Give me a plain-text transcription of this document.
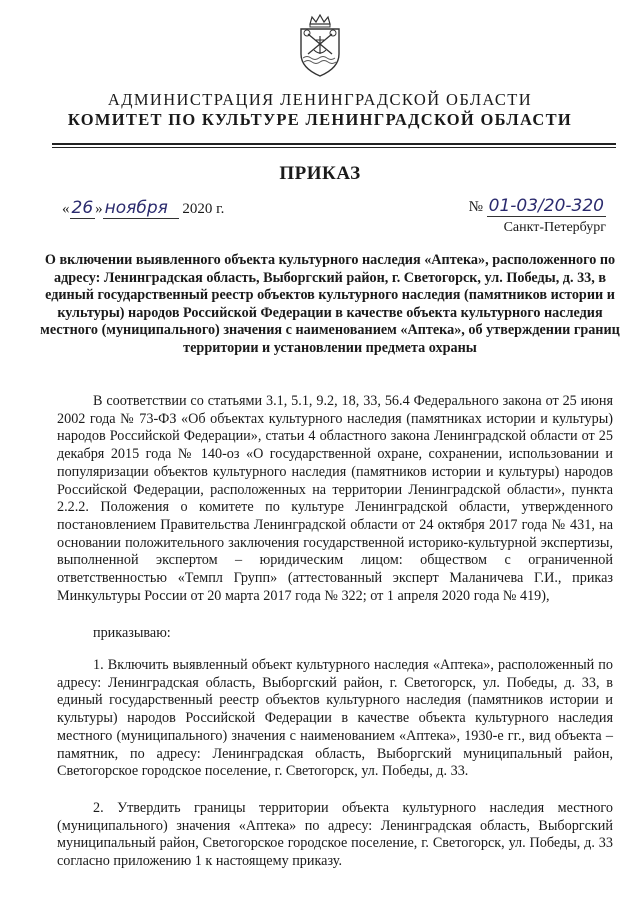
АДМИНИСТРАЦИЯ ЛЕНИНГРАДСКОЙ ОБЛАСТИ
КОМИТЕТ ПО КУЛЬТУРЕ ЛЕНИНГРАДСКОЙ ОБЛАСТИ
ПРИКАЗ
« 26 » ноября 2020 г.	№ 01-03/20-320
Санкт-Петербург
О включении выявленного объекта культурного наследия «Аптека», расположенного по адресу: Ленинградская область, Выборгский район, г. Светогорск, ул. Победы, д. 33, в единый государственный реестр объектов культурного наследия (памятников истории и культуры) народов Российской Федерации в качестве объекта культурного наследия местного (муниципального) значения с наименованием «Аптека», об утверждении границ территории и установлении предмета охраны
В соответствии со статьями 3.1, 5.1, 9.2, 18, 33, 56.4 Федерального закона от 25 июня 2002 года № 73-ФЗ «Об объектах культурного наследия (памятниках истории и культуры) народов Российской Федерации», статьи 4 областного закона Ленинградской области от 25 декабря 2015 года № 140-оз «О государственной охране, сохранении, использовании и популяризации объектов культурного наследия (памятников истории и культуры) народов Российской Федерации, расположенных на территории Ленинградской области», пункта 2.2.2. Положения о комитете по культуре Ленинградской области, утвержденного постановлением Правительства Ленинградской области от 24 октября 2017 года № 431, на основании положительного заключения государственной историко-культурной экспертизы, выполненной экспертом – юридическим лицом: обществом с ограниченной ответственностью «Темпл Групп» (аттестованный эксперт Маланичева Г.И., приказ Минкультуры России от 20 марта 2017 года № 322; от 1 апреля 2020 года № 419),
приказываю:
1. Включить выявленный объект культурного наследия «Аптека», расположенный по адресу: Ленинградская область, Выборгский район, г. Светогорск, ул. Победы, д. 33, в единый государственный реестр объектов культурного наследия (памятников истории и культуры) народов Российской Федерации в качестве объекта культурного наследия местного (муниципального) значения с наименованием «Аптека», 1930-е гг., вид объекта – памятник, по адресу: Ленинградская область, Выборгский муниципальный район, Светогорское городское поселение, г. Светогорск, ул. Победы, д. 33.
2. Утвердить границы территории объекта культурного наследия местного (муниципального) значения «Аптека» по адресу: Ленинградская область, Выборгский муниципальный район, Светогорское городское поселение, г. Светогорск, ул. Победы, д. 33 согласно приложению 1 к настоящему приказу.
